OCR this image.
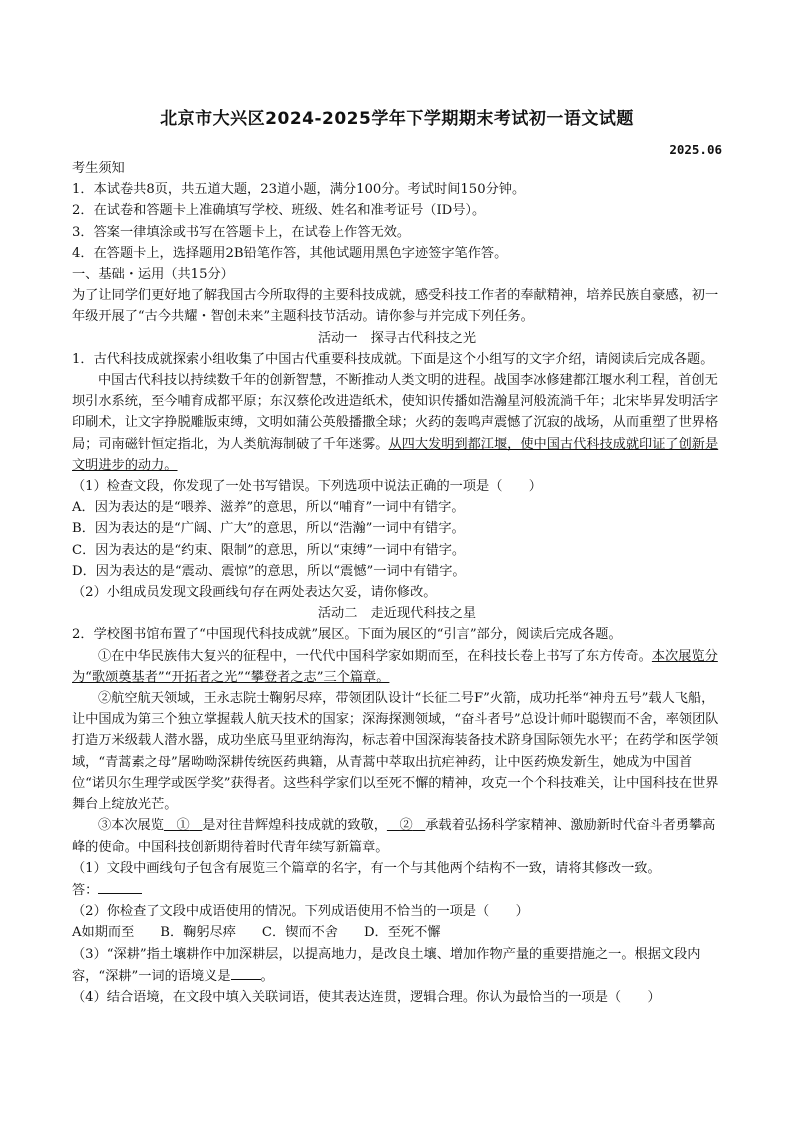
北京市大兴区2024-2025学年下学期期末考试初一语文试题
2025.06

考生须知

1．本试卷共8页，共五道大题，23道小题，满分100分。考试时间150分钟。

2．在试卷和答题卡上准确填写学校、班级、姓名和准考证号（ID号）。

3．答案一律填涂或书写在答题卡上，在试卷上作答无效。

4．在答题卡上，选择题用2B铅笔作答，其他试题用黑色字迹签字笔作答。

一、基础・运用（共15分）

为了让同学们更好地了解我国古今所取得的主要科技成就，感受科技工作者的奉献精神，培养民族自豪感，初一年级开展了“古今共耀・智创未来”主题科技节活动。请你参与并完成下列任务。

活动一　探寻古代科技之光

1．古代科技成就探索小组收集了中国古代重要科技成就。下面是这个小组写的文字介绍，请阅读后完成各题。

中国古代科技以持续数千年的创新智慧，不断推动人类文明的进程。战国李冰修建都江堰水利工程，首创无坝引水系统，至今哺育成都平原；东汉蔡伦改进造纸术，使知识传播如浩瀚星河般流淌千年；北宋毕昇发明活字印刷术，让文字挣脱雕版束缚，文明如蒲公英般播撒全球；火药的轰鸣声震憾了沉寂的战场，从而重塑了世界格局；司南磁针恒定指北，为人类航海制破了千年迷雾。从四大发明到都江堰，使中国古代科技成就印证了创新是文明进步的动力。

（1）检查文段，你发现了一处书写错误。下列选项中说法正确的一项是（　　）

A．因为表达的是“喂养、滋养”的意思，所以“哺育”一词中有错字。

B．因为表达的是“广阔、广大”的意思，所以“浩瀚”一词中有错字。

C．因为表达的是“约束、限制”的意思，所以“束缚”一词中有错字。

D．因为表达的是“震动、震惊”的意思，所以“震憾”一词中有错字。

（2）小组成员发现文段画线句存在两处表达欠妥，请你修改。

活动二　走近现代科技之星

2．学校图书馆布置了“中国现代科技成就”展区。下面为展区的“引言”部分，阅读后完成各题。

①在中华民族伟大复兴的征程中，一代代中国科学家如期而至，在科技长卷上书写了东方传奇。本次展览分为“歌颂奠基者”“开拓者之光”“攀登者之志”三个篇章。

②航空航天领域，王永志院士鞠躬尽瘁，带领团队设计“长征二号F”火箭，成功托举“神舟五号”载人飞船，让中国成为第三个独立掌握载人航天技术的国家；深海探测领域，“奋斗者号”总设计师叶聪锲而不舍，率领团队打造万米级载人潜水器，成功坐底马里亚纳海沟，标志着中国深海装备技术跻身国际领先水平；在药学和医学领域，“青蒿素之母”屠呦呦深耕传统医药典籍，从青蒿中萃取出抗疟神药，让中医药焕发新生，她成为中国首位“诺贝尔生理学或医学奖”获得者。这些科学家们以至死不懈的精神，攻克一个个科技难关，让中国科技在世界舞台上绽放光芒。

③本次展览 ① 是对往昔辉煌科技成就的致敬， ② 承载着弘扬科学家精神、激励新时代奋斗者勇攀高峰的使命。中国科技创新期待着时代青年续写新篇章。

（1）文段中画线句子包含有展览三个篇章的名字，有一个与其他两个结构不一致，请将其修改一致。

答：

（2）你检查了文段中成语使用的情况。下列成语使用不恰当的一项是（　　）

A如期而至 B．鞠躬尽瘁 C．锲而不舍 D．至死不懈

（3）“深耕”指土壤耕作中加深耕层，以提高地力，是改良土壤、增加作物产量的重要措施之一。根据文段内容，“深耕”一词的语境义是 。

（4）结合语境，在文段中填入关联词语，使其表达连贯，逻辑合理。你认为最恰当的一项是（　　）
